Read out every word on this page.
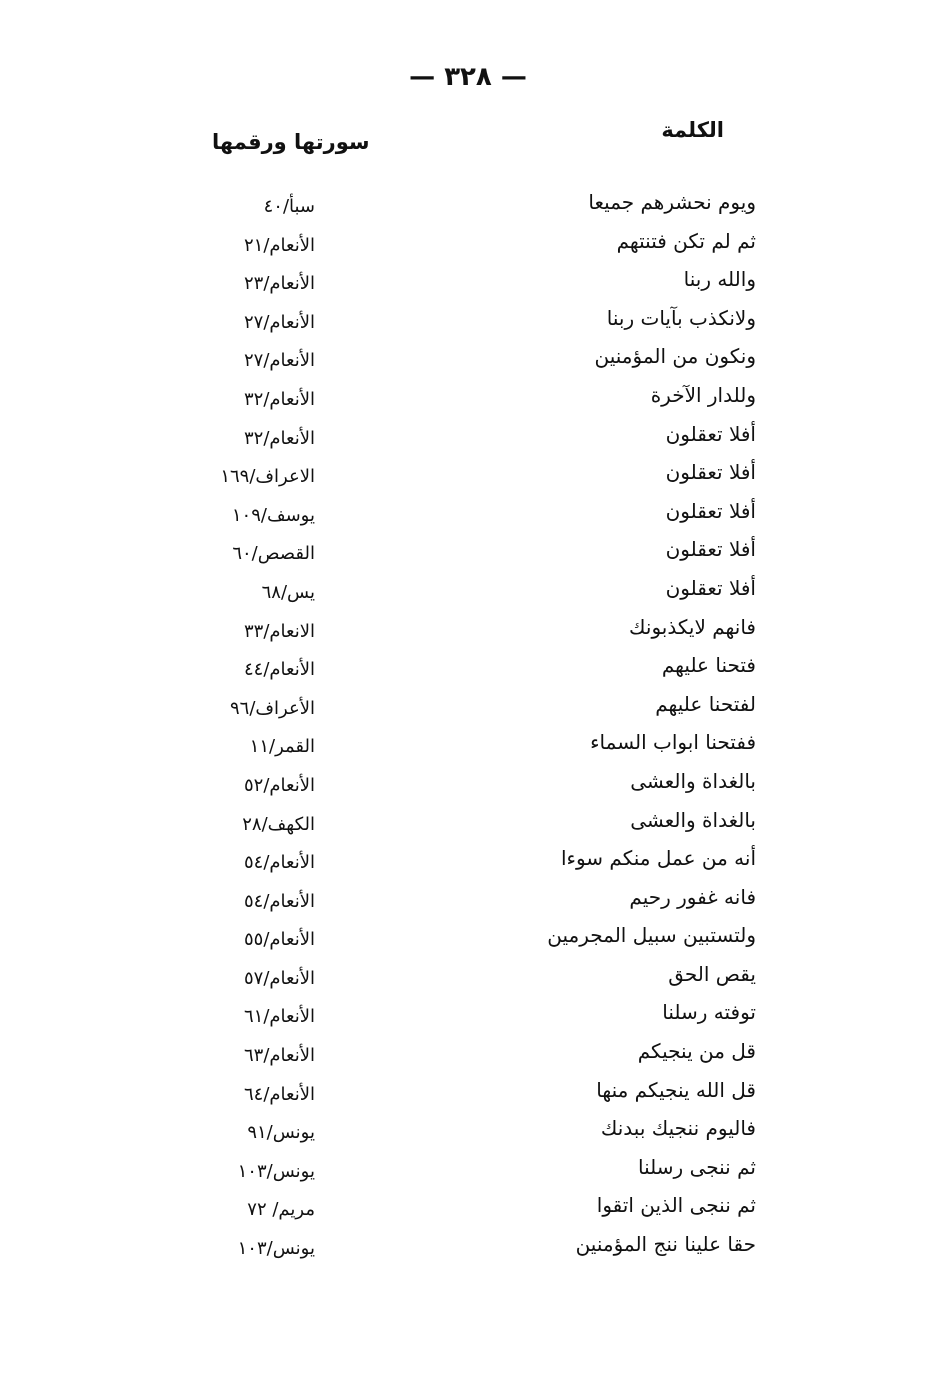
— ٣٢٨ —
الكلمة
سورتها ورقمها
ويوم نحشرهم جميعا
سبأ/٤٠
ثم لم تكن فتنتهم
الأنعام/٢١
والله ربنا
الأنعام/٢٣
ولانكذب بآيات ربنا
الأنعام/٢٧
ونكون من المؤمنين
الأنعام/٢٧
وللدار الآخرة
الأنعام/٣٢
أفلا تعقلون
الأنعام/٣٢
أفلا تعقلون
الاعراف/١٦٩
أفلا تعقلون
يوسف/١٠٩
أفلا تعقلون
القصص/٦٠
أفلا تعقلون
يس/٦٨
فانهم لايكذبونك
الانعام/٣٣
فتحنا عليهم
الأنعام/٤٤
لفتحنا عليهم
الأعراف/٩٦
ففتحنا ابواب السماء
القمر/١١
بالغداة والعشى
الأنعام/٥٢
بالغداة والعشى
الكهف/٢٨
أنه من عمل منكم سوءا
الأنعام/٥٤
فانه غفور رحيم
الأنعام/٥٤
ولتستبين سبيل المجرمين
الأنعام/٥٥
يقص الحق
الأنعام/٥٧
توفته رسلنا
الأنعام/٦١
قل من ينجيكم
الأنعام/٦٣
قل الله ينجيكم منها
الأنعام/٦٤
فاليوم ننجيك ببدنك
يونس/٩١
ثم ننجى رسلنا
يونس/١٠٣
ثم ننجى الذين اتقوا
مريم/ ٧٢
حقا علينا ننج المؤمنين
يونس/١٠٣
